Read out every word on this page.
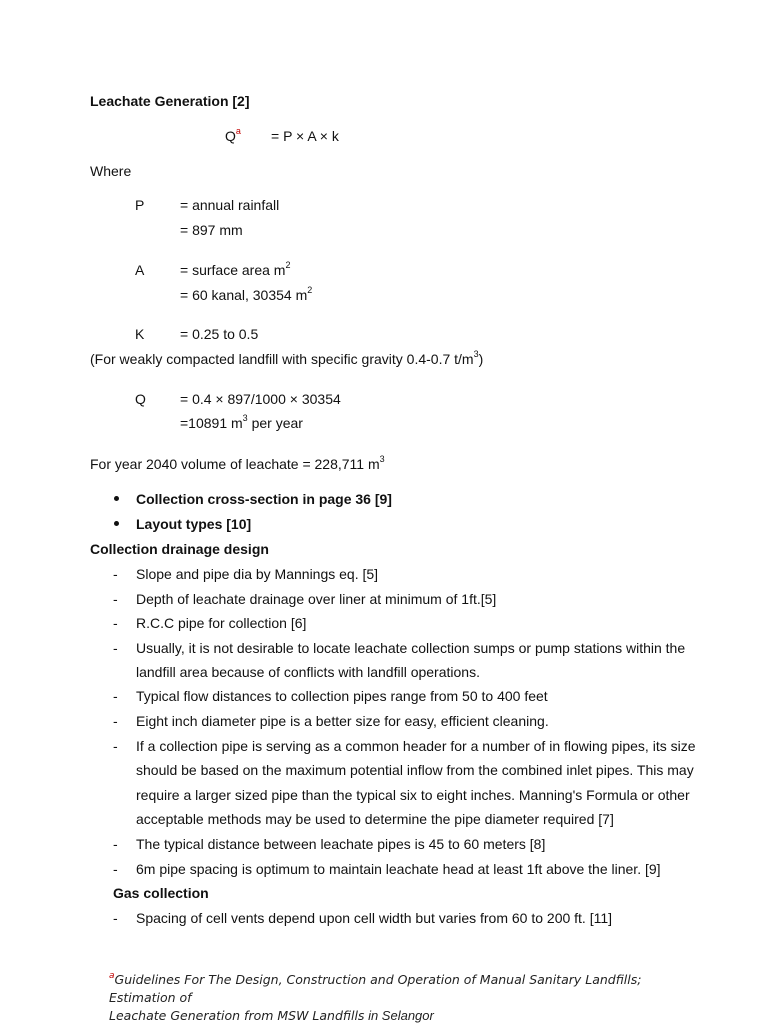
Leachate Generation [2]
$Q^a = P \times A \times k$
Where
P	= annual rainfall
= 897 mm
A	= surface area $m^2$
= 60 kanal, 30354 $m^2$
K	= 0.25 to 0.5
(For weakly compacted landfill with specific gravity 0.4-0.7 $t/m^3$)
Q = 0.4 × 897/1000 × 30354
=10891 $m^3$ per year
For year 2040 volume of leachate = 228,711 $m^3$
Collection cross-section in page 36 [9]
Layout types [10]
Collection drainage design
- Slope and pipe dia by Mannings eq. [5]
- Depth of leachate drainage over liner at minimum of 1ft.[5]
- R.C.C pipe for collection [6]
- Usually, it is not desirable to locate leachate collection sumps or pump stations within the
landfill area because of conflicts with landfill operations.
- Typical flow distances to collection pipes range from 50 to 400 feet
- Eight inch diameter pipe is a better size for easy, efficient cleaning.
- If a collection pipe is serving as a common header for a number of in flowing pipes, its size
should be based on the maximum potential inflow from the combined inlet pipes. This may
require a larger sized pipe than the typical six to eight inches. Manning's Formula or other
acceptable methods may be used to determine the pipe diameter required [7]
- The typical distance between leachate pipes is 45 to 60 meters [8]
- 6m pipe spacing is optimum to maintain leachate head at least 1ft above the liner. [9]
Gas collection
- Spacing of cell vents depend upon cell width but varies from 60 to 200 ft. [11]
$^a$Guidelines For The Design, Construction and Operation of Manual Sanitary Landfills; Estimation of
Leachate Generation from MSW Landfills in Selangor
